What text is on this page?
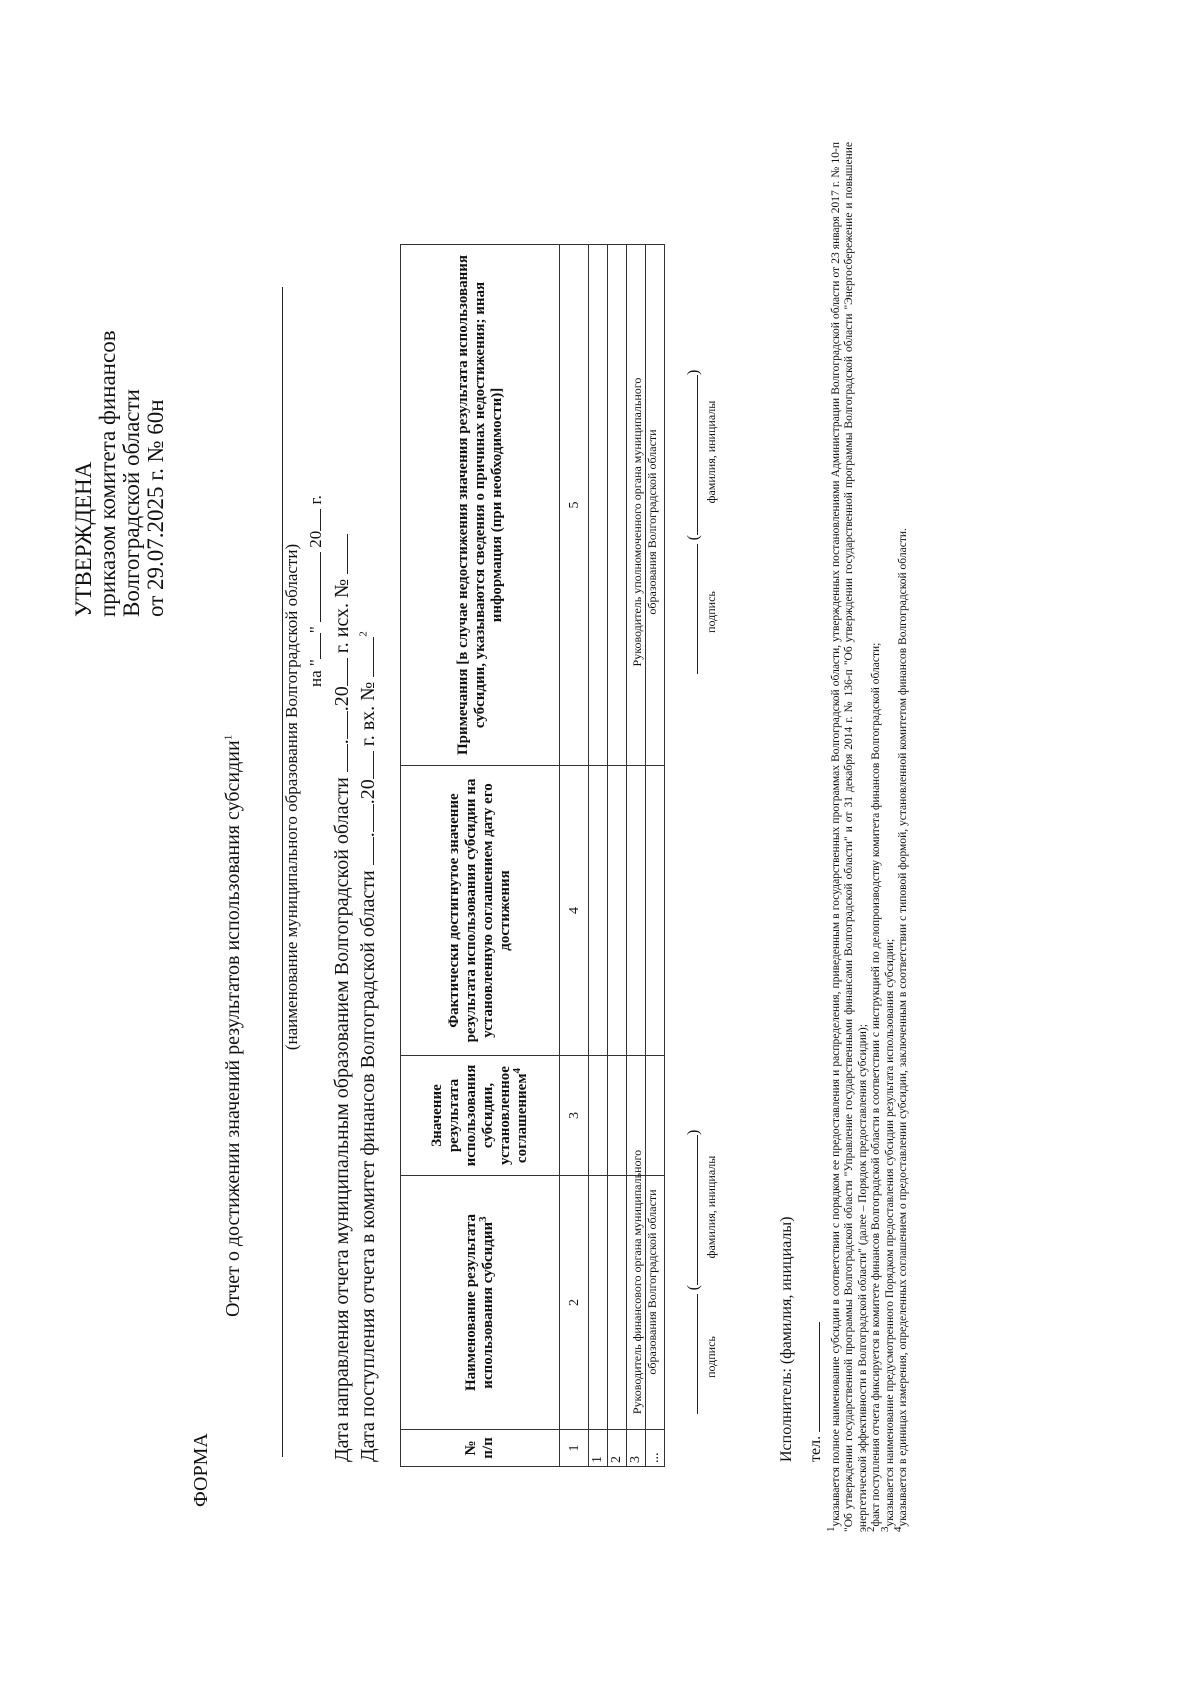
УТВЕРЖДЕНА приказом комитета финансов Волгоградской области от 29.07.2025 г. № 60н
ФОРМА
Отчет о достижении значений результатов использования субсидии$^1$	(наименование муниципального образования Волгоградской области) на ""  20 г.
Дата направления отчета муниципальным образованием Волгоградской области ..20 г. исх. №
Дата поступления отчета в комитет финансов Волгоградской области ..20 г. вх. № $^2$
№ п/п	Наименование результата использования субсидии$^3$	Значение результата использования субсидии, установленное соглашением$^4$	Фактически достигнутое значение результата использования субсидии на установленную соглашением дату его достижения	Примечания [в случае недостижения значения результата использования субсидии, указываются сведения о причинах недостижения; иная информация (при необходимости)]
1	2	3	4	5
1				
2				
3				
...				
Руководитель финансового органа муниципального образования Волгоградской области ()
подписьфамилия, инициалы
Руководитель уполномоченного органа муниципального образования Волгоградской области ()
подписьфамилия, инициалы
Исполнитель: (фамилия, инициалы) тел.

$^1$указывается полное наименование субсидии в соответствии с порядком ее предоставления и распределения, приведенным в государственных программах Волгоградской области, утвержденных постановлениями Администрации Волгоградской области от 23 января 2017 г. № 10-п "Об утверждении государственной программы Волгоградской области "Управление государственными финансами Волгоградской области" и от 31 декабря 2014 г. № 136-п "Об утверждении государственной программы Волгоградской области "Энергосбережение и повышение энергетической эффективности в Волгоградской области" (далее – Порядок предоставления субсидии);

$^2$факт поступления отчета фиксируется в комитете финансов Волгоградской области в соответствии с инструкцией по делопроизводству комитета финансов Волгоградской области;

$^3$указывается наименование предусмотренного Порядком предоставления субсидии результата использования субсидии;

$^4$указывается в единицах измерения, определенных соглашением о предоставлении субсидии, заключенным в соответствии с типовой формой, установленной комитетом финансов Волгоградской области.
